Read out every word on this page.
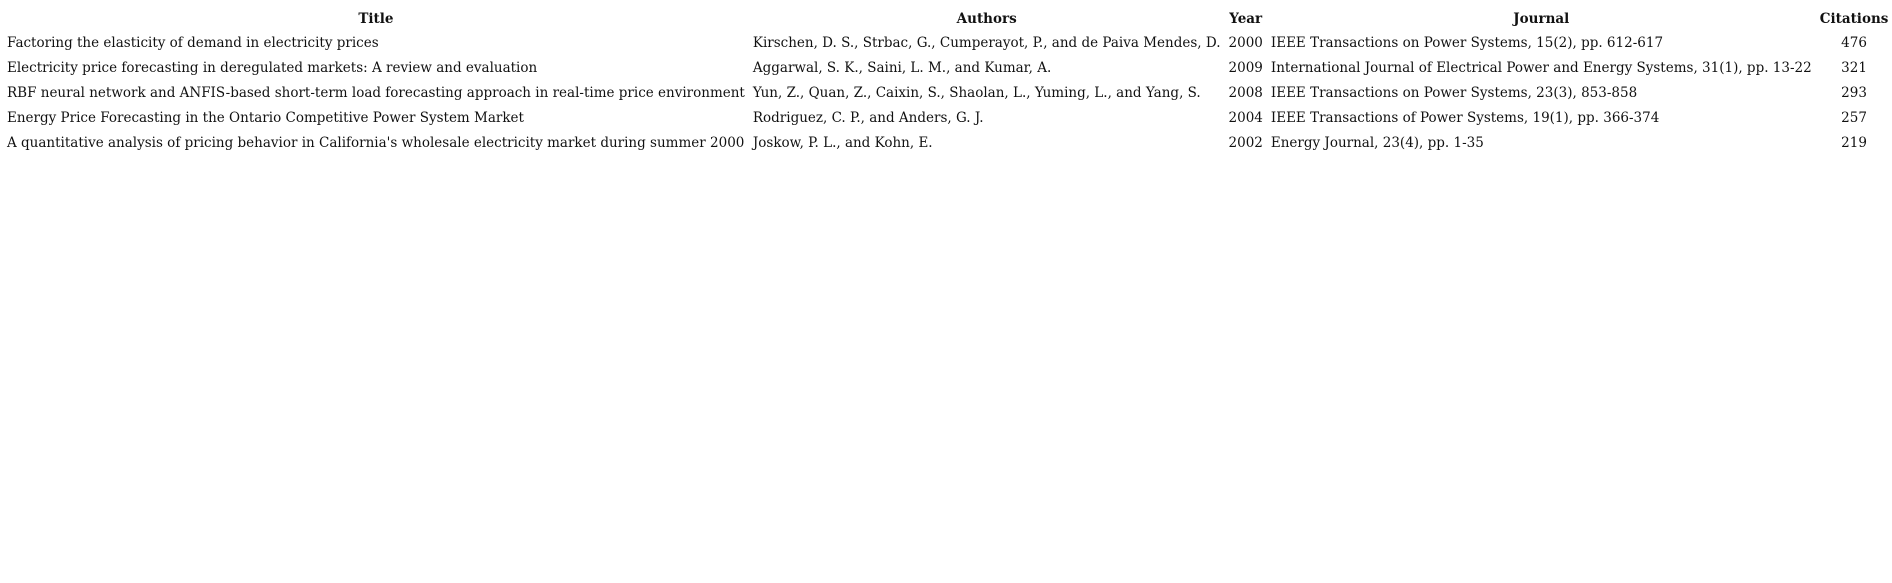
Title	Authors	Year	Journal	Citations
Factoring the elasticity of demand in electricity prices	Kirschen, D. S., Strbac, G., Cumperayot, P., and de Paiva Mendes, D.	2000	IEEE Transactions on Power Systems, 15(2), pp. 612-617	476
Electricity price forecasting in deregulated markets: A review and evaluation	Aggarwal, S. K., Saini, L. M., and Kumar, A.	2009	International Journal of Electrical Power and Energy Systems, 31(1), pp. 13-22	321
RBF neural network and ANFIS-based short-term load forecasting approach in real-time price environment	Yun, Z., Quan, Z., Caixin, S., Shaolan, L., Yuming, L., and Yang, S.	2008	IEEE Transactions on Power Systems, 23(3), 853-858	293
Energy Price Forecasting in the Ontario Competitive Power System Market	Rodriguez, C. P., and Anders, G. J.	2004	IEEE Transactions of Power Systems, 19(1), pp. 366-374	257
A quantitative analysis of pricing behavior in California's wholesale electricity market during summer 2000	Joskow, P. L., and Kohn, E.	2002	Energy Journal, 23(4), pp. 1-35	219
